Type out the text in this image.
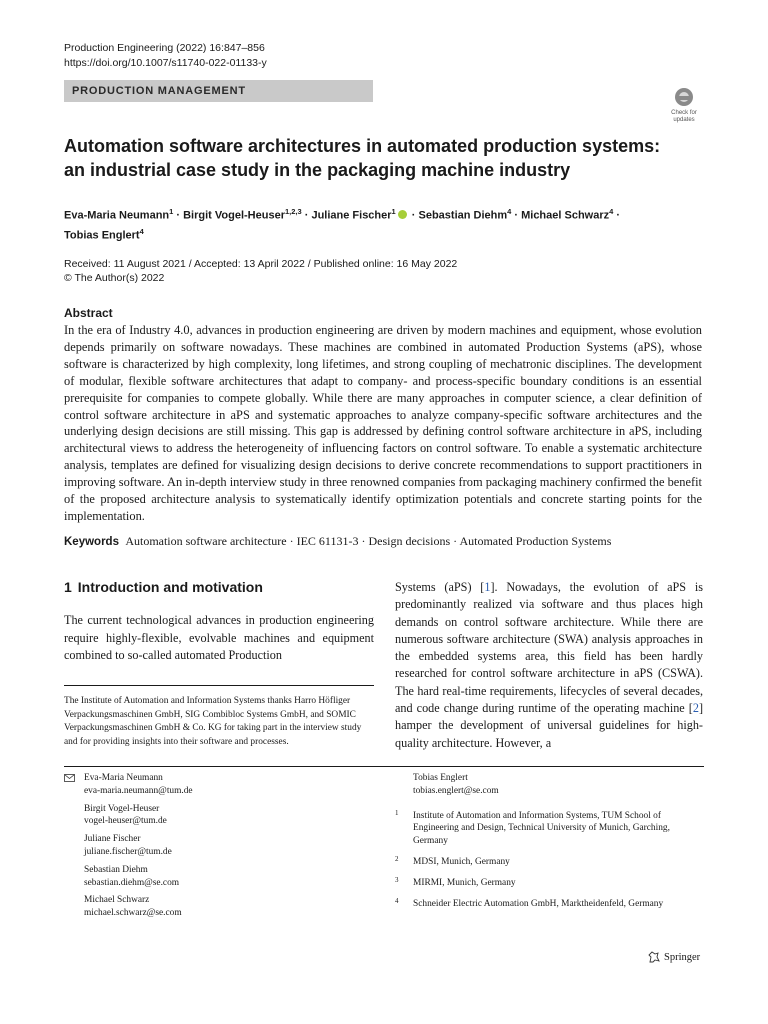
Production Engineering (2022) 16:847–856
https://doi.org/10.1007/s11740-022-01133-y
PRODUCTION MANAGEMENT
Check for
updates
Automation software architectures in automated production systems: an industrial case study in the packaging machine industry
Eva-Maria Neumann$^1$ · Birgit Vogel-Heuser$^{1,2,3}$ · Juliane Fischer$^1$ · Sebastian Diehm$^4$ · Michael Schwarz$^4$ ·
Tobias Englert$^4$
Received: 11 August 2021 / Accepted: 13 April 2022 / Published online: 16 May 2022
© The Author(s) 2022
Abstract
In the era of Industry 4.0, advances in production engineering are driven by modern machines and equipment, whose evolution depends primarily on software nowadays. These machines are combined in automated Production Systems (aPS), whose software is characterized by high complexity, long lifetimes, and strong coupling of mechatronic disciplines. The development of modular, flexible software architectures that adapt to company- and process-specific boundary conditions is an essential prerequisite for companies to compete globally. While there are many approaches in computer science, a clear definition of control software architecture in aPS and systematic approaches to analyze company-specific software architectures and the underlying design decisions are still missing. This gap is addressed by defining control software architecture in aPS, including architectural views to address the heterogeneity of influencing factors on control software. To enable a systematic architecture analysis, templates are defined for visualizing design decisions to derive concrete recommendations to support practitioners in improving software. An in-depth interview study in three renowned companies from packaging machinery confirmed the benefit of the proposed architecture analysis to systematically identify optimization potentials and concrete starting points for the implementation.
Keywords Automation software architecture · IEC 61131-3 · Design decisions · Automated Production Systems
1 Introduction and motivation
The current technological advances in production engineering require highly-flexible, evolvable machines and equipment combined to so-called automated Production
The Institute of Automation and Information Systems thanks Harro Höfliger Verpackungsmaschinen GmbH, SIG Combibloc Systems GmbH, and SOMIC Verpackungsmaschinen GmbH & Co. KG for taking part in the interview study and for providing insights into their software and processes.
Systems (aPS) [1]. Nowadays, the evolution of aPS is predominantly realized via software and thus places high demands on control software architecture. While there are numerous software architecture (SWA) analysis approaches in the embedded systems area, this field has been hardly researched for control software architecture in aPS (CSWA). The hard real-time requirements, lifecycles of several decades, and code change during runtime of the operating machine [2] hamper the development of universal guidelines for high-quality architecture. However, a
Eva-Maria Neumann
eva-maria.neumann@tum.de
Birgit Vogel-Heuser
vogel-heuser@tum.de
Juliane Fischer
juliane.fischer@tum.de
Sebastian Diehm
sebastian.diehm@se.com
Michael Schwarz
michael.schwarz@se.com
Tobias Englert
tobias.englert@se.com
1 Institute of Automation and Information Systems, TUM School of Engineering and Design, Technical University of Munich, Garching, Germany
2 MDSI, Munich, Germany
3 MIRMI, Munich, Germany
4 Schneider Electric Automation GmbH, Marktheidenfeld, Germany
Springer
